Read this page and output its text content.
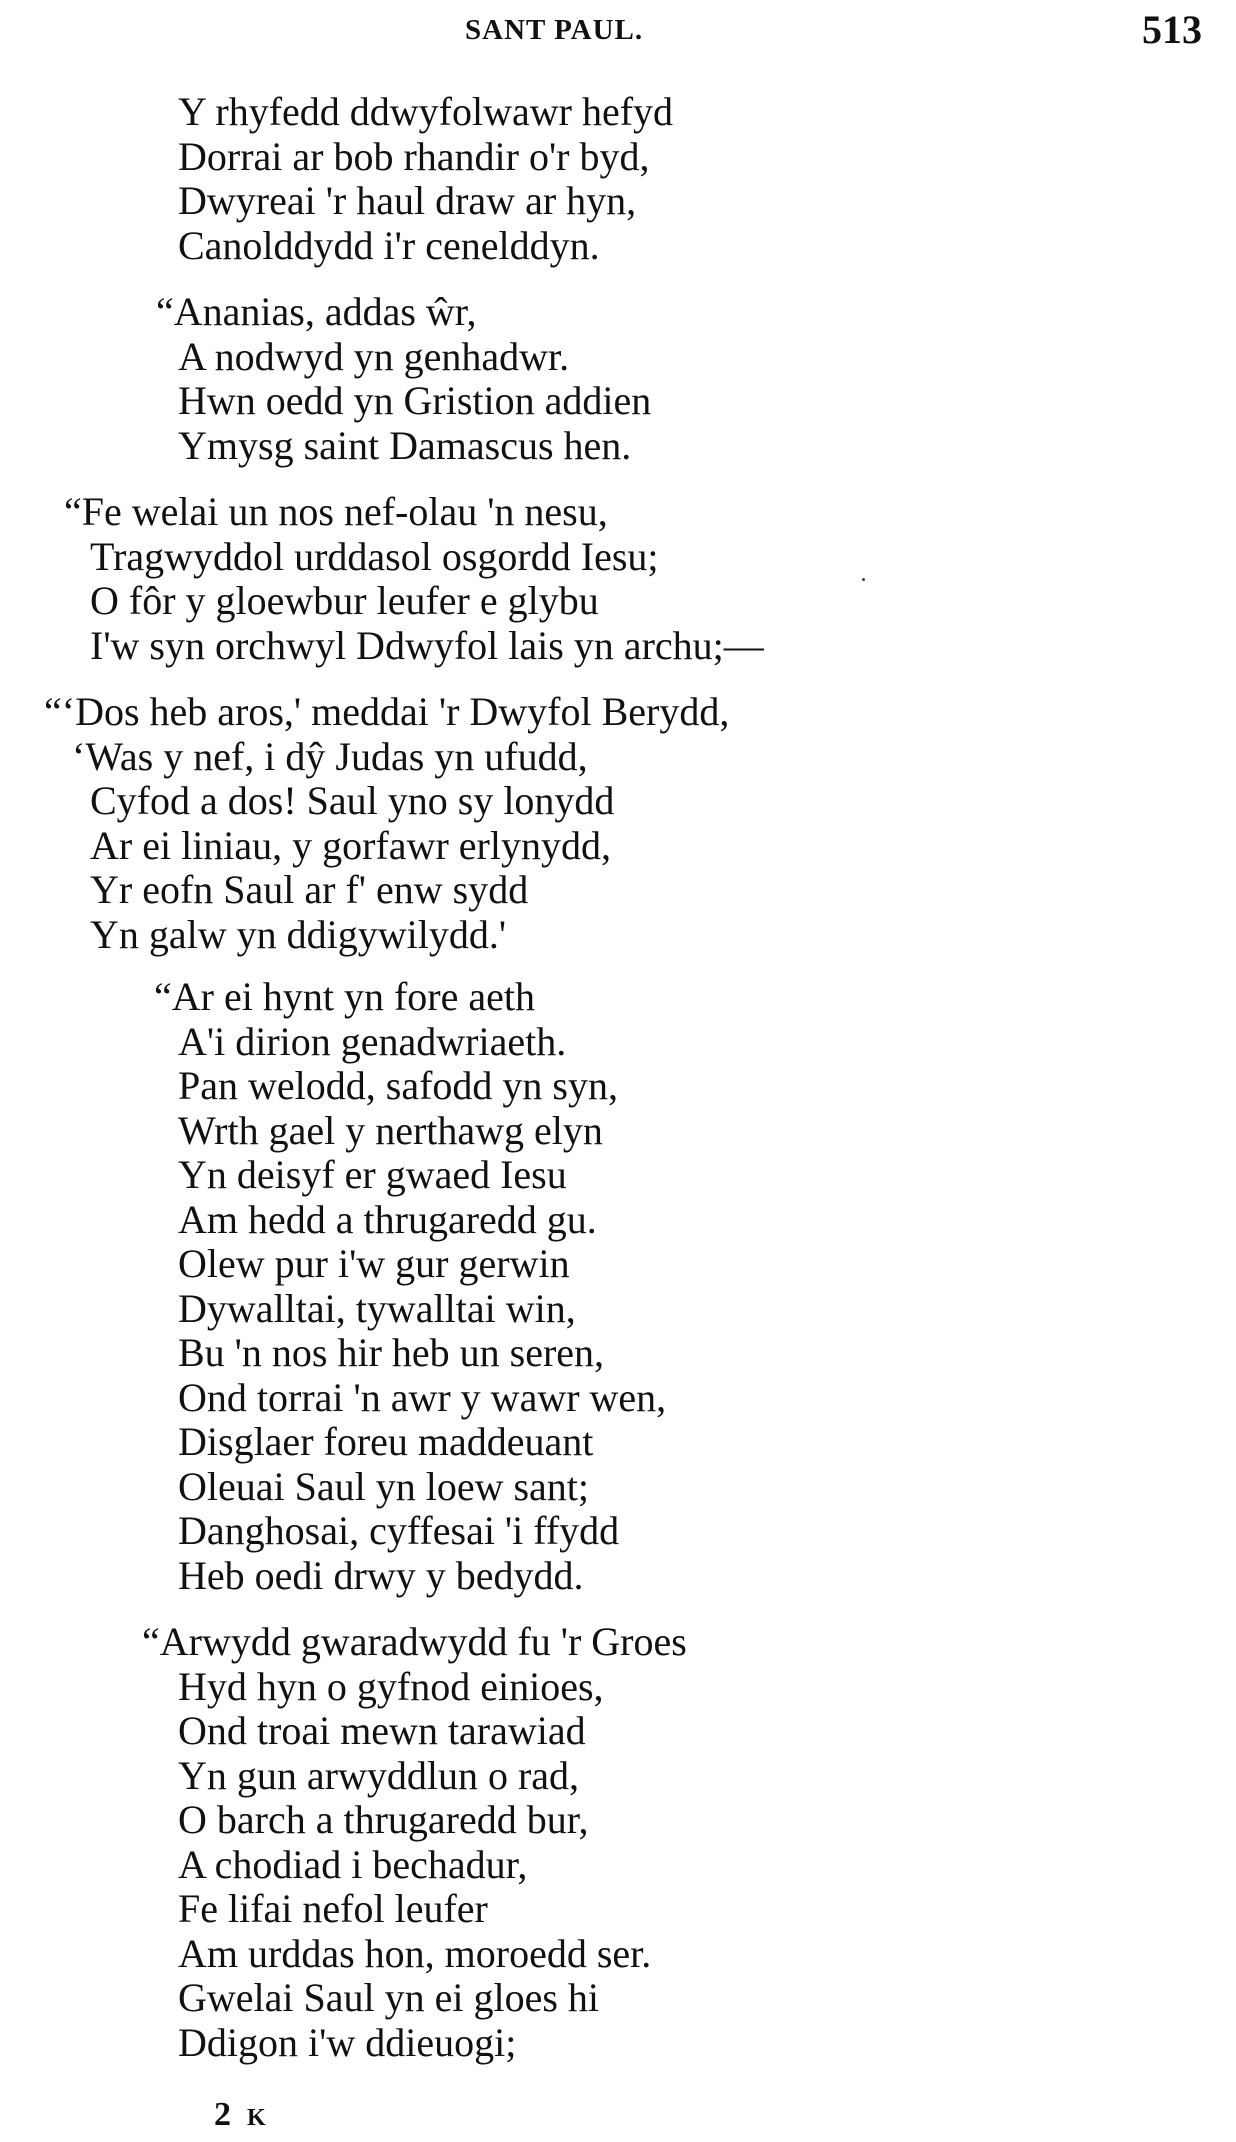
SANT PAUL.	513
Y rhyfedd ddwyfolwawr hefyd
Dorrai ar bob rhandir o'r byd,
Dwyreai 'r haul draw ar hyn,
Canolddydd i'r cenelddyn.
“Ananias, addas ŵr,
A nodwyd yn genhadwr.
Hwn oedd yn Gristion addien
Ymysg saint Damascus hen.
“Fe welai un nos nef-olau 'n nesu,
Tragwyddol urddasol osgordd Iesu;
O fôr y gloewbur leufer e glybu
I'w syn orchwyl Ddwyfol lais yn archu;—
“‘Dos heb aros,' meddai 'r Dwyfol Berydd,
‘Was y nef, i dŷ Judas yn ufudd,
Cyfod a dos! Saul yno sy lonydd
Ar ei liniau, y gorfawr erlynydd,
Yr eofn Saul ar f' enw sydd
Yn galw yn ddigywilydd.'
“Ar ei hynt yn fore aeth
A'i dirion genadwriaeth.
Pan welodd, safodd yn syn,
Wrth gael y nerthawg elyn
Yn deisyf er gwaed Iesu
Am hedd a thrugaredd gu.
Olew pur i'w gur gerwin
Dywalltai, tywalltai win,
Bu 'n nos hir heb un seren,
Ond torrai 'n awr y wawr wen,
Disglaer foreu maddeuant
Oleuai Saul yn loew sant;
Danghosai, cyffesai 'i ffydd
Heb oedi drwy y bedydd.
“Arwydd gwaradwydd fu 'r Groes
Hyd hyn o gyfnod einioes,
Ond troai mewn tarawiad
Yn gun arwyddlun o rad,
O barch a thrugaredd bur,
A chodiad i bechadur,
Fe lifai nefol leufer
Am urddas hon, moroedd ser.
Gwelai Saul yn ei gloes hi
Ddigon i'w ddieuogi;
2 K
